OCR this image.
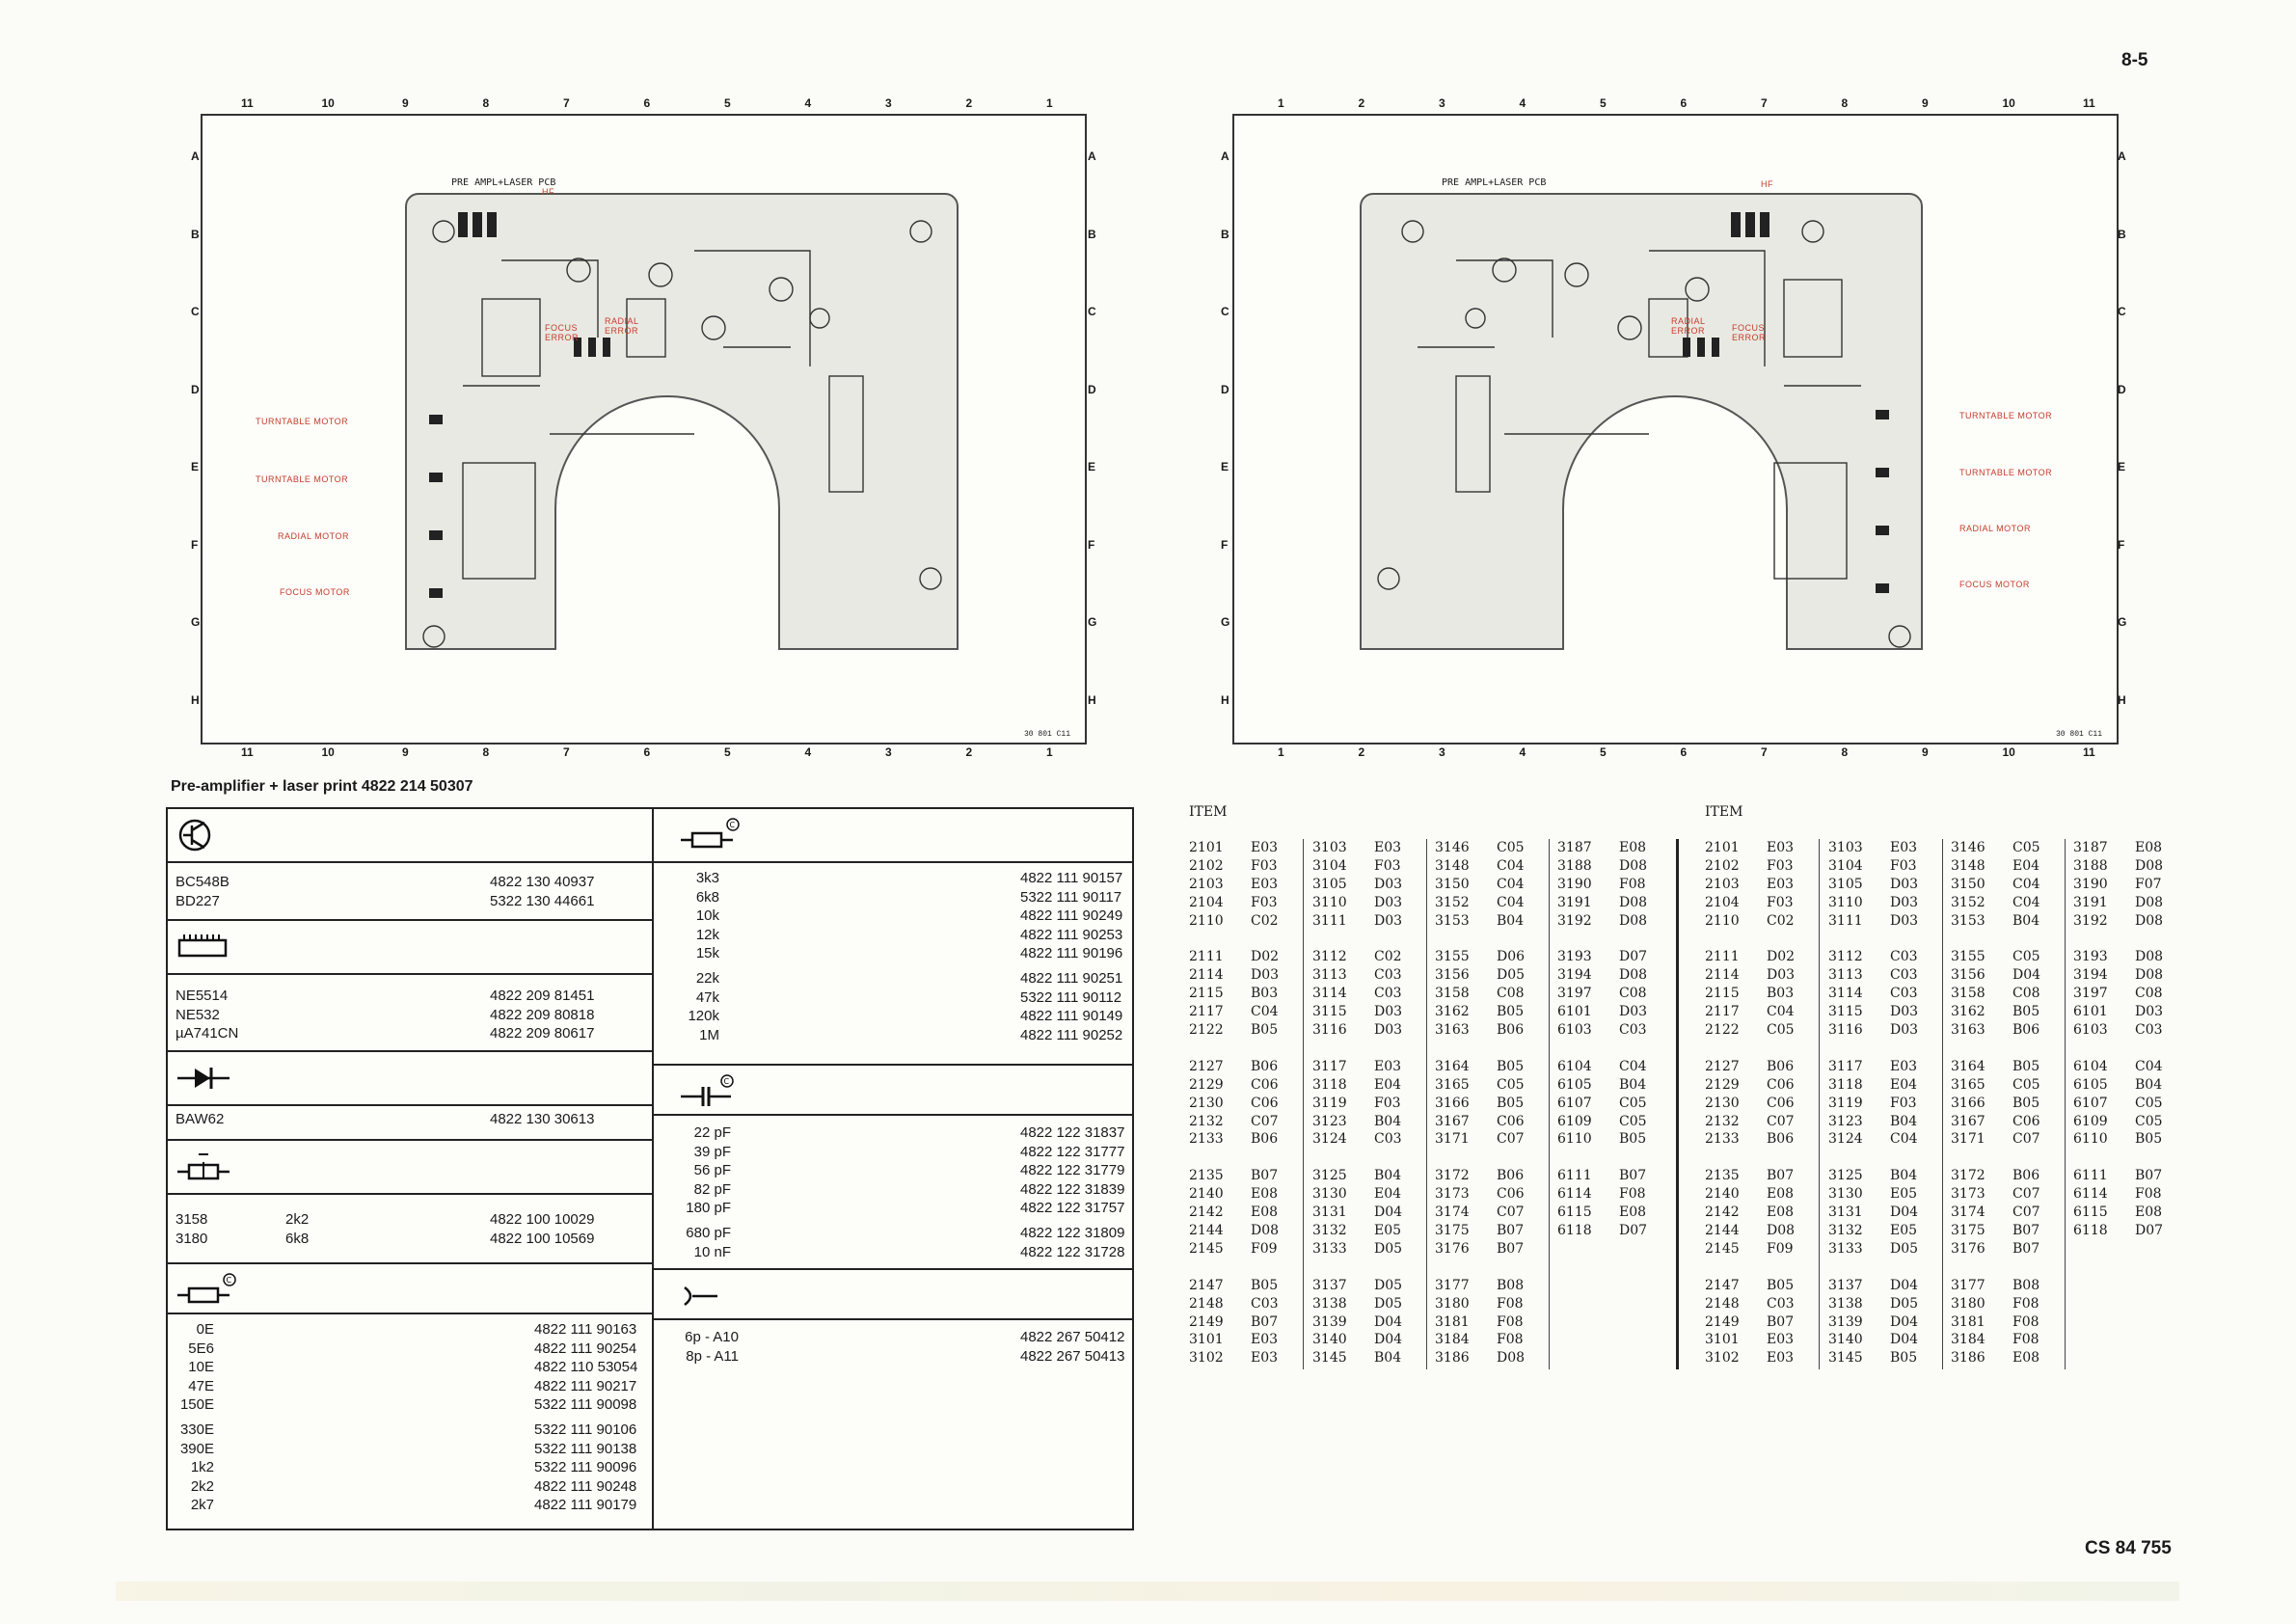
8-5
11	10	9	8	7	6	5	4	3	2	1
11	10	9	8	7	6	5	4	3	2	1
A
B
C
D
E
F
G
H
A
B
C
D
E
F
G
H
PRE AMPL+LASER PCB
HF
FOCUS ERROR
RADIAL ERROR
TURNTABLE MOTOR
TURNTABLE MOTOR
RADIAL MOTOR
FOCUS MOTOR
30 801 C11
1	2	3	4	5	6	7	8	9	10	11
1	2	3	4	5	6	7	8	9	10	11
A
B
C
D
E
F
G
H
A
B
C
D
E
F
G
H
PRE AMPL+LASER PCB	HF
RADIAL ERROR	FOCUS ERROR
TURNTABLE MOTOR
TURNTABLE MOTOR
RADIAL MOTOR
FOCUS MOTOR
30 801 C11
Pre-amplifier + laser print 4822 214 50307
BC548B	4822 130 40937
BD227	5322 130 44661
NE5514	4822 209 81451
NE532	4822 209 80818
µA741CN	4822 209 80617
BAW62	4822 130 30613
3158	2k2	4822 100 10029
3180	6k8	4822 100 10569
C
0E	4822 111 90163
5E6	4822 111 90254
10E	4822 110 53054
47E	4822 111 90217
150E	5322 111 90098
330E	5322 111 90106
390E	5322 111 90138
1k2	5322 111 90096
2k2	4822 111 90248
2k7	4822 111 90179
C
3k3	4822 111 90157
6k8	5322 111 90117
10k	4822 111 90249
12k	4822 111 90253
15k	4822 111 90196
22k	4822 111 90251
47k	5322 111 90112
120k	4822 111 90149
1M	4822 111 90252
C
22 pF	4822 122 31837
39 pF	4822 122 31777
56 pF	4822 122 31779
82 pF	4822 122 31839
180 pF	4822 122 31757
680 pF	4822 122 31809
10 nF	4822 122 31728
6p - A10	4822 267 50412
8p - A11	4822 267 50413
ITEM
2101 E03
2102 F03
2103 E03
2104 F03
2110 C02
2111 D02
2114 D03
2115 B03
2117 C04
2122 B05
2127 B06
2129 C06
2130 C06
2132 C07
2133 B06
2135 B07
2140 E08
2142 E08
2144 D08
2145 F09
2147 B05
2148 C03
2149 B07
3101 E03
3102 E03
3103 E03
3104 F03
3105 D03
3110 D03
3111 D03
3112 C02
3113 C03
3114 C03
3115 D03
3116 D03
3117 E03
3118 E04
3119 F03
3123 B04
3124 C03
3125 B04
3130 E04
3131 D04
3132 E05
3133 D05
3137 D05
3138 D05
3139 D04
3140 D04
3145 B04
3146 C05
3148 C04
3150 C04
3152 C04
3153 B04
3155 D06
3156 D05
3158 C08
3162 B05
3163 B06
3164 B05
3165 C05
3166 B05
3167 C06
3171 C07
3172 B06
3173 C06
3174 C07
3175 B07
3176 B07
3177 B08
3180 F08
3181 F08
3184 F08
3186 D08
3187 E08
3188 D08
3190 F08
3191 D08
3192 D08
3193 D07
3194 D08
3197 C08
6101 D03
6103 C03
6104 C04
6105 B04
6107 C05
6109 C05
6110 B05
6111 B07
6114 F08
6115 E08
6118 D07
ITEM
2101 E03
2102 F03
2103 E03
2104 F03
2110 C02
2111 D02
2114 D03
2115 B03
2117 C04
2122 C05
2127 B06
2129 C06
2130 C06
2132 C07
2133 B06
2135 B07
2140 E08
2142 E08
2144 D08
2145 F09
2147 B05
2148 C03
2149 B07
3101 E03
3102 E03
3103 E03
3104 F03
3105 D03
3110 D03
3111 D03
3112 C03
3113 C03
3114 C03
3115 D03
3116 D03
3117 E03
3118 E04
3119 F03
3123 B04
3124 C04
3125 B04
3130 E05
3131 D04
3132 E05
3133 D05
3137 D04
3138 D05
3139 D04
3140 D04
3145 B05
3146 C05
3148 E04
3150 C04
3152 C04
3153 B04
3155 C05
3156 D04
3158 C08
3162 B05
3163 B06
3164 B05
3165 C05
3166 B05
3167 C06
3171 C07
3172 B06
3173 C07
3174 C07
3175 B07
3176 B07
3177 B08
3180 F08
3181 F08
3184 F08
3186 E08
3187 E08
3188 D08
3190 F07
3191 D08
3192 D08
3193 D08
3194 D08
3197 C08
6101 D03
6103 C03
6104 C04
6105 B04
6107 C05
6109 C05
6110 B05
6111 B07
6114 F08
6115 E08
6118 D07
CS 84 755
